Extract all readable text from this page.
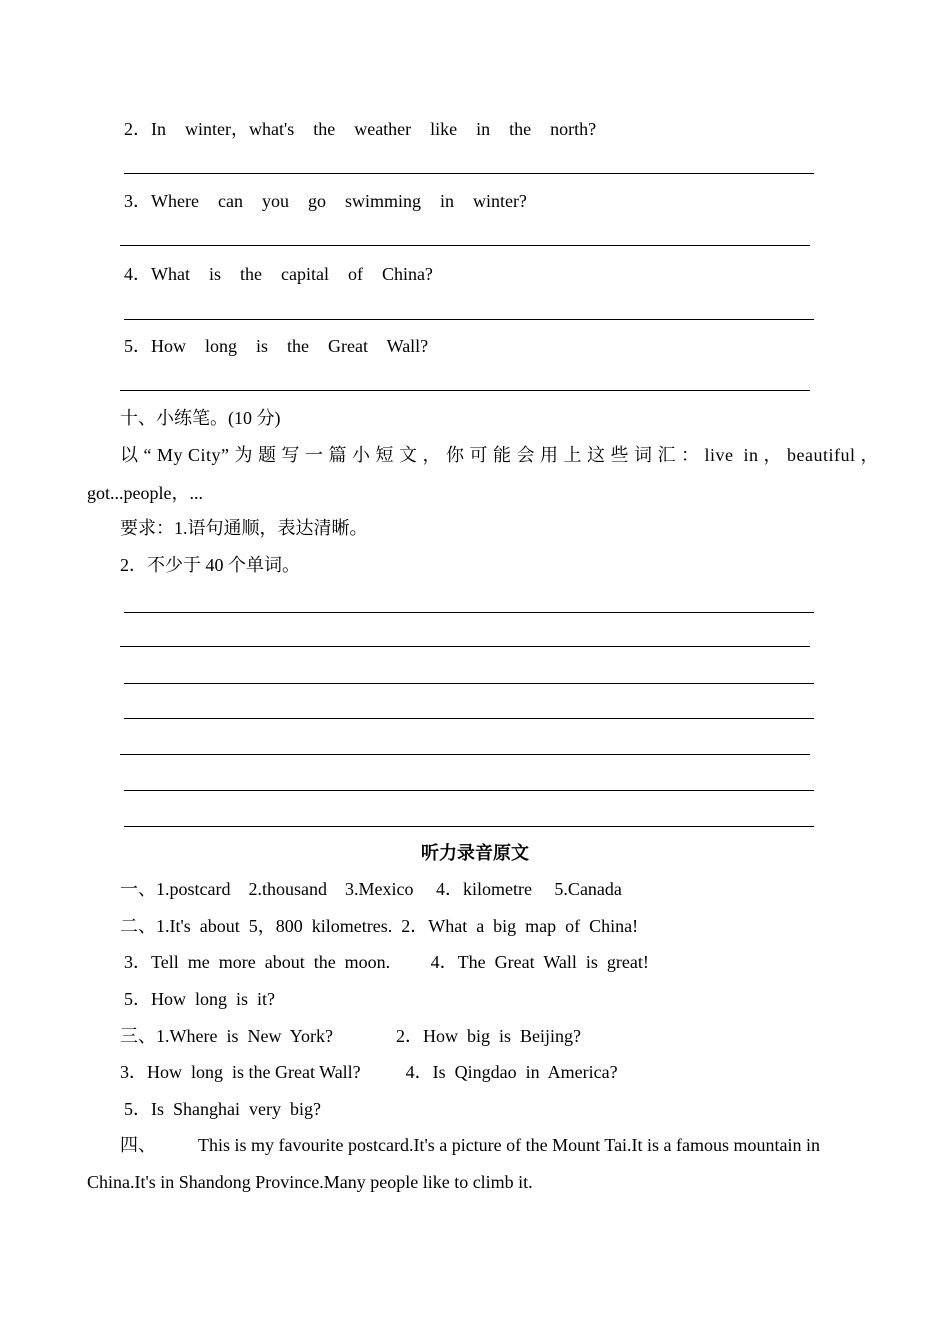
2．In  winter，what's  the  weather  like  in  the  north?
3．Where  can  you  go  swimming  in  winter?
4．What  is  the  capital  of  China?
5．How  long  is  the  Great  Wall?
十、小练笔。(10 分)
以 “ My City” 为 题 写 一 篇 小 短 文 ， 你 可 能 会 用 上 这 些 词 汇 ： live  in ， beautiful ，
got...people，...
要求：1.语句通顺，表达清晰。
2．不少于 40 个单词。
听力录音原文
一、1.postcard    2.thousand    3.Mexico     4．kilometre     5.Canada
二、1.It's  about  5，800  kilometres.  2．What  a  big  map  of  China!
3．Tell  me  more  about  the  moon.         4．The  Great  Wall  is  great!
5．How  long  is  it?
三、1.Where  is  New  York?              2．How  big  is  Beijing?
3．How  long  is the Great Wall?          4．Is  Qingdao  in  America?
5．Is  Shanghai  very  big?
四、 This is my favourite postcard.It's a picture of the Mount Tai.It is a famous mountain in
China.It's in Shandong Province.Many people like to climb it.
